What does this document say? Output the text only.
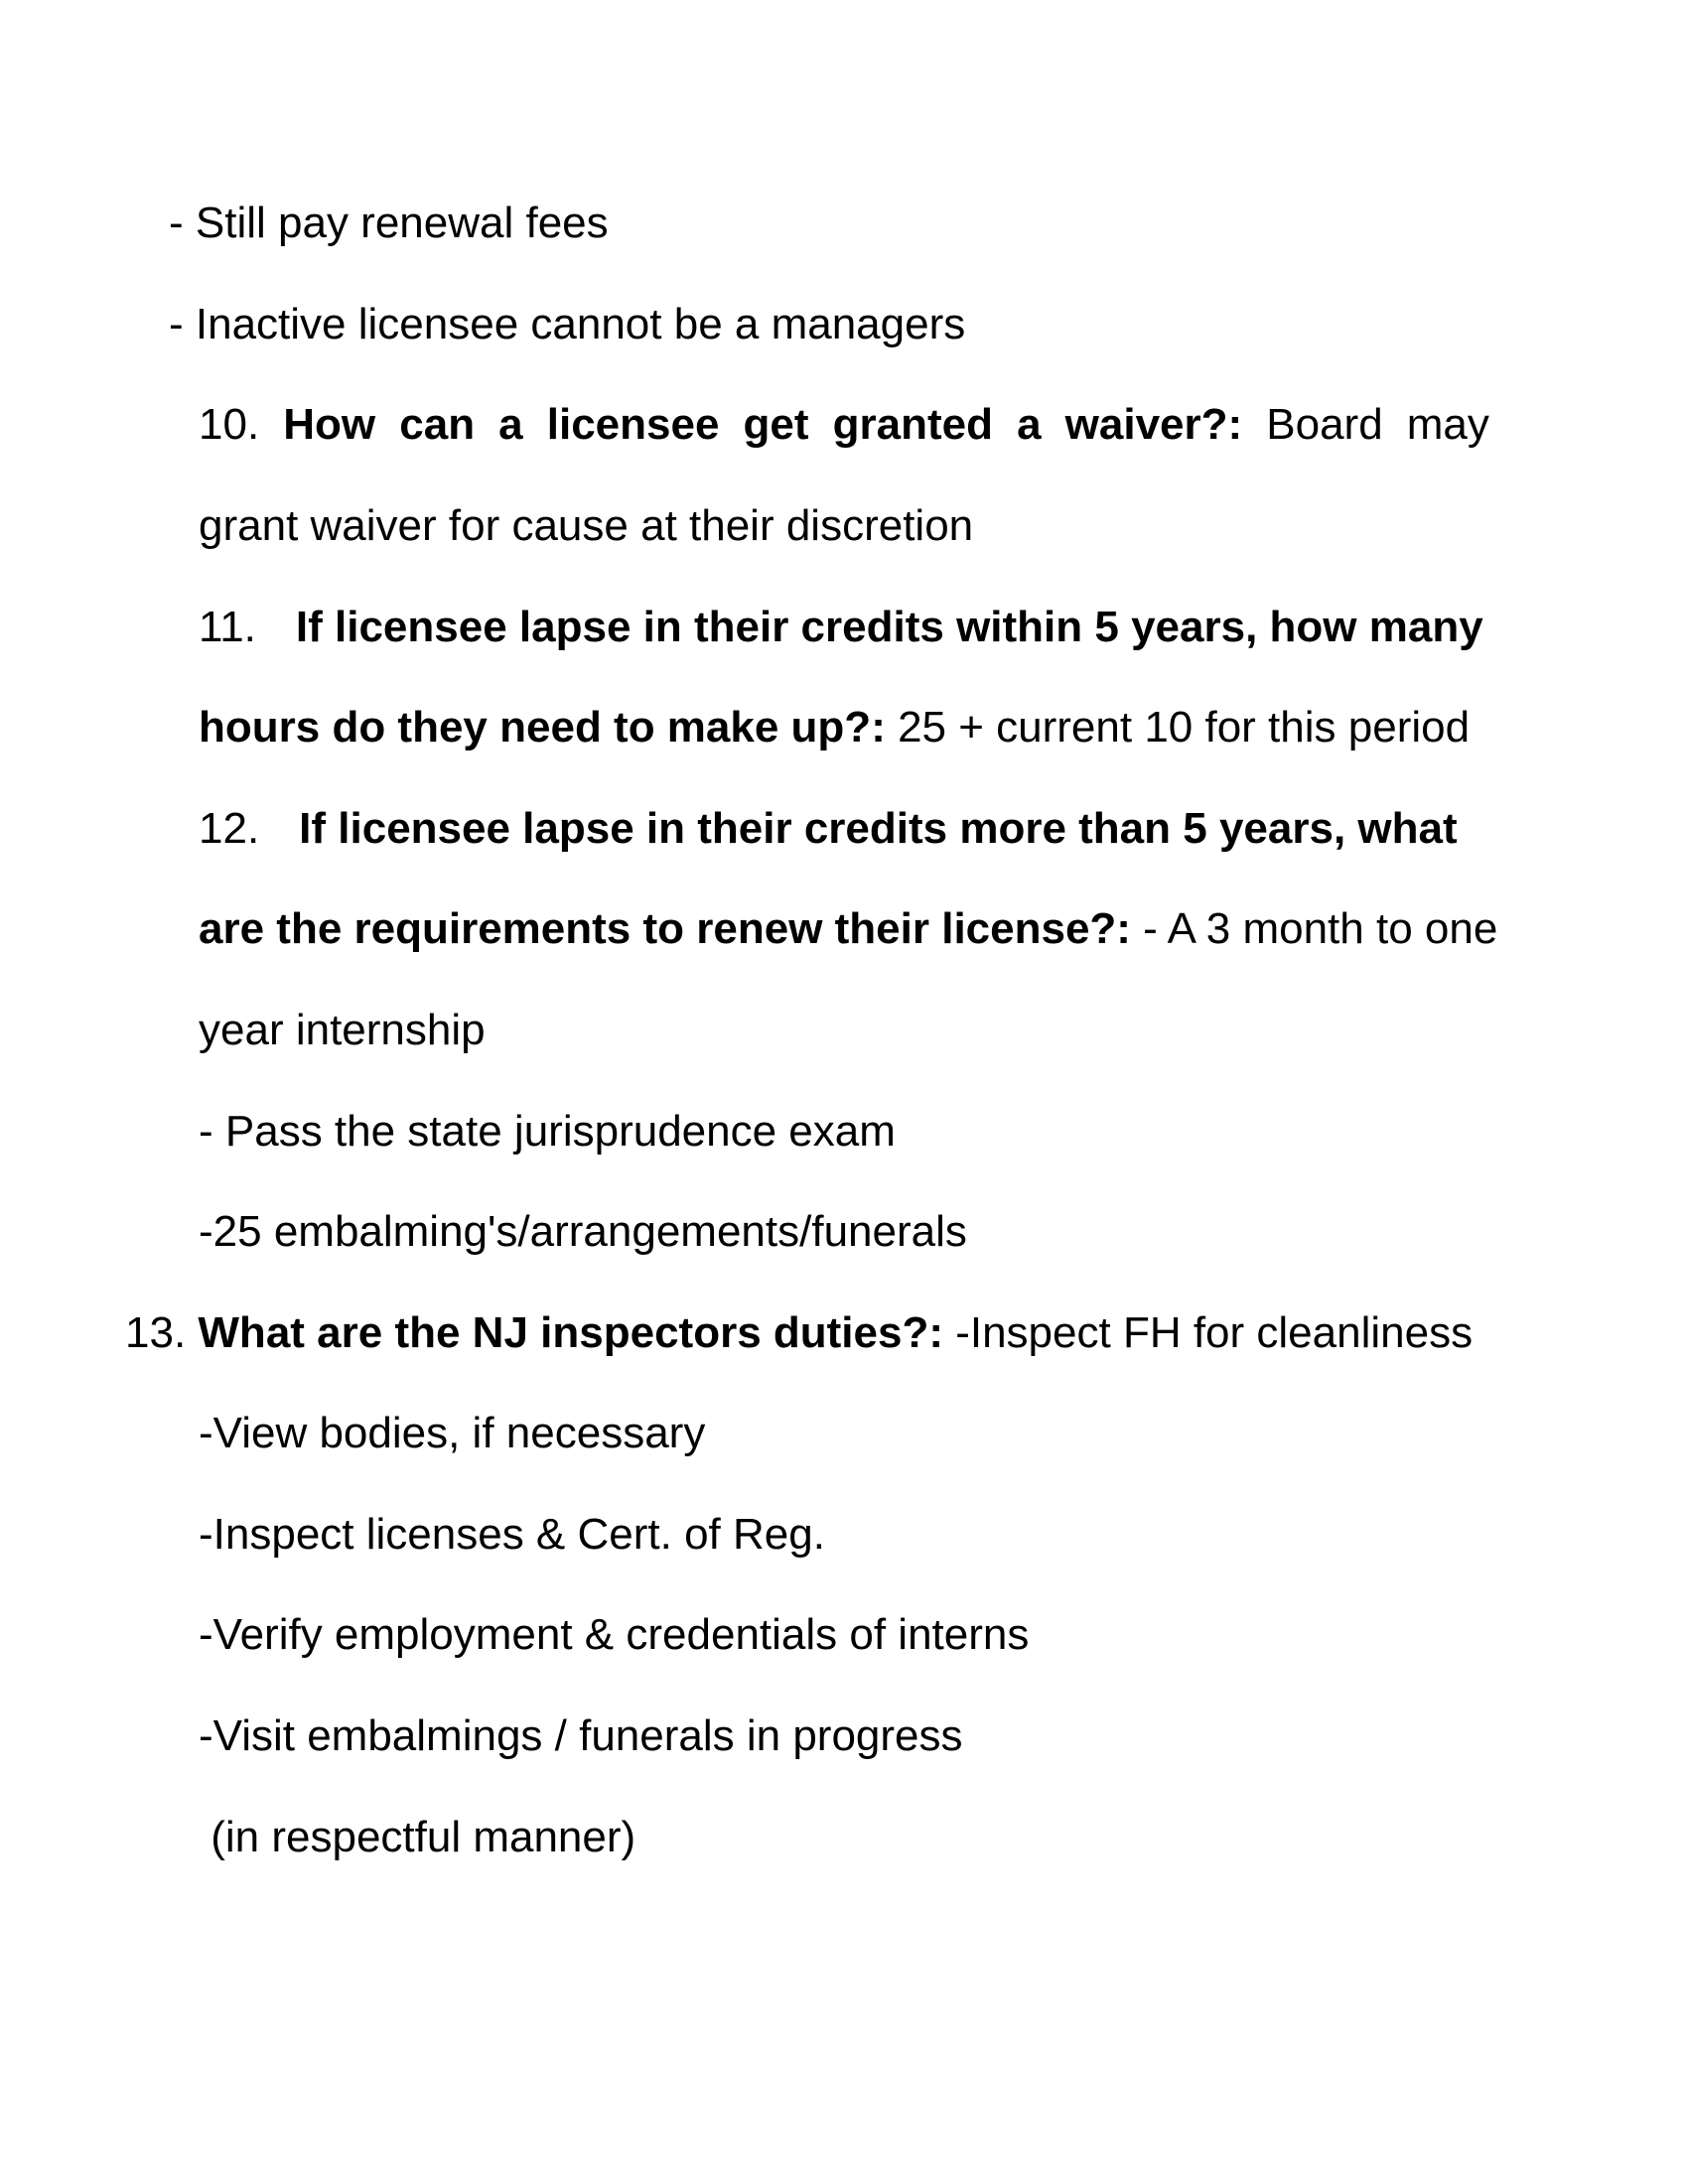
- Still pay renewal fees
- Inactive licensee cannot be a managers
10. How can a licensee get granted a waiver?: Board may
grant waiver for cause at their discretion
11. If licensee lapse in their credits within 5 years, how many
hours do they need to make up?: 25 + current 10 for this period
12. If licensee lapse in their credits more than 5 years, what
are the requirements to renew their license?: - A 3 month to one
year internship
- Pass the state jurisprudence exam
-25 embalming's/arrangements/funerals
13. What are the NJ inspectors duties?: -Inspect FH for cleanliness
-View bodies, if necessary
-Inspect licenses & Cert. of Reg.
-Verify employment & credentials of interns
-Visit embalmings / funerals in progress
(in respectful manner)
